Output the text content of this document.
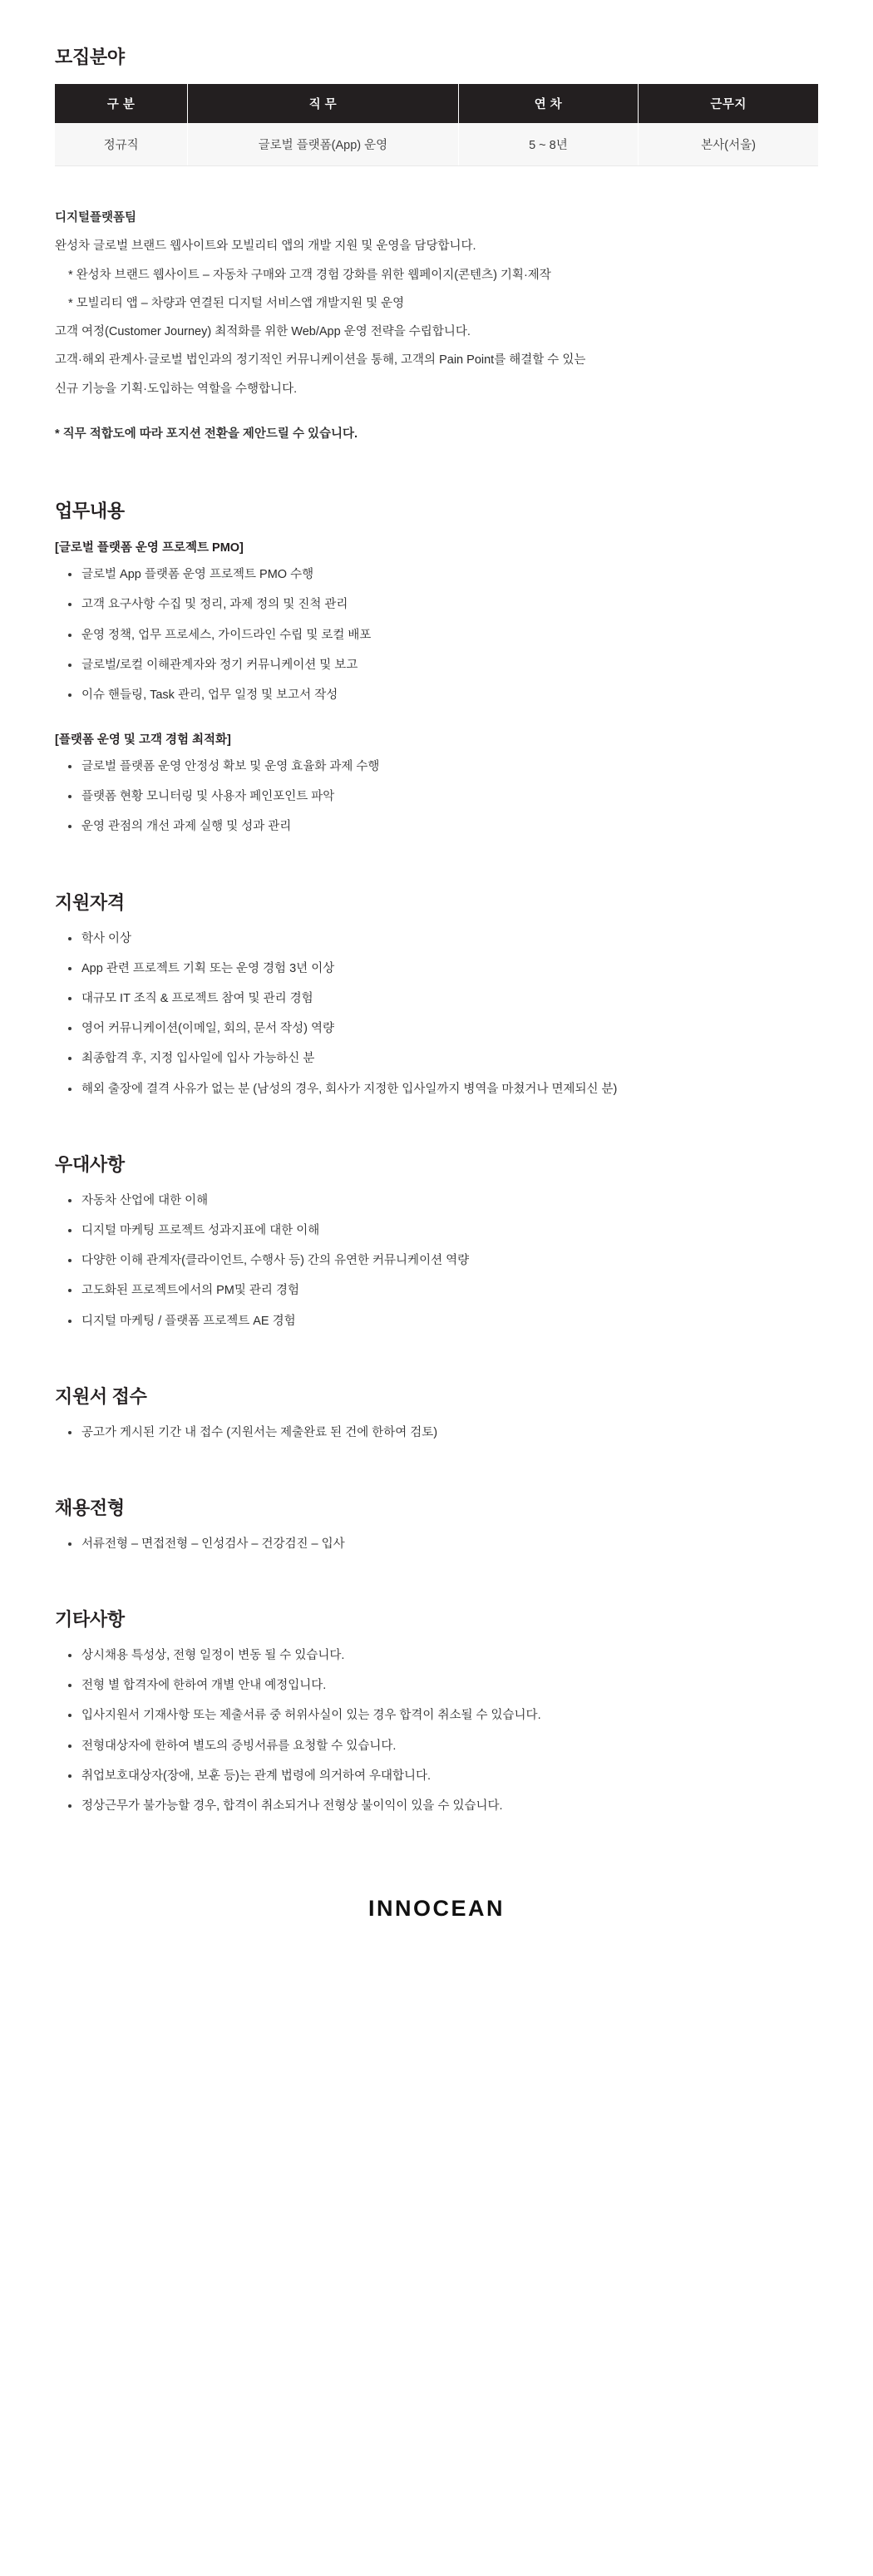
모집분야
구 분	직 무	연 차	근무지
정규직	글로벌 플랫폼(App) 운영	5 ~ 8년	본사(서울)

디지털플랫폼팀

완성차 글로벌 브랜드 웹사이트와 모빌리티 앱의 개발 지원 및 운영을 담당합니다.

* 완성차 브랜드 웹사이트 – 자동차 구매와 고객 경험 강화를 위한 웹페이지(콘텐츠) 기획·제작

* 모빌리티 앱 – 차량과 연결된 디지털 서비스앱 개발지원 및 운영

고객 여정(Customer Journey) 최적화를 위한 Web/App 운영 전략을 수립합니다.

고객·해외 관계사·글로벌 법인과의 정기적인 커뮤니케이션을 통해, 고객의 Pain Point를 해결할 수 있는

신규 기능을 기획·도입하는 역할을 수행합니다.

* 직무 적합도에 따라 포지션 전환을 제안드릴 수 있습니다.

업무내용

[글로벌 플랫폼 운영 프로젝트 PMO]

글로벌 App 플랫폼 운영 프로젝트 PMO 수행
고객 요구사항 수집 및 정리, 과제 정의 및 진척 관리
운영 정책, 업무 프로세스, 가이드라인 수립 및 로컬 배포
글로벌/로컬 이해관계자와 정기 커뮤니케이션 및 보고
이슈 핸들링, Task 관리, 업무 일정 및 보고서 작성

[플랫폼 운영 및 고객 경험 최적화]

글로벌 플랫폼 운영 안정성 확보 및 운영 효율화 과제 수행
플랫폼 현황 모니터링 및 사용자 페인포인트 파악
운영 관점의 개선 과제 실행 및 성과 관리
지원자격
학사 이상
App 관련 프로젝트 기획 또는 운영 경험 3년 이상
대규모 IT 조직 & 프로젝트 참여 및 관리 경험
영어 커뮤니케이션(이메일, 회의, 문서 작성) 역량
최종합격 후, 지정 입사일에 입사 가능하신 분
해외 출장에 결격 사유가 없는 분 (남성의 경우, 회사가 지정한 입사일까지 병역을 마쳤거나 면제되신 분)
우대사항
자동차 산업에 대한 이해
디지털 마케팅 프로젝트 성과지표에 대한 이해
다양한 이해 관계자(클라이언트, 수행사 등) 간의 유연한 커뮤니케이션 역량
고도화된 프로젝트에서의 PM및 관리 경험
디지털 마케팅 / 플랫폼 프로젝트 AE 경험
지원서 접수
공고가 게시된 기간 내 접수 (지원서는 제출완료 된 건에 한하여 검토)
채용전형
서류전형 – 면접전형 – 인성검사 – 건강검진 – 입사
기타사항
상시채용 특성상, 전형 일정이 변동 될 수 있습니다.
전형 별 합격자에 한하여 개별 안내 예정입니다.
입사지원서 기재사항 또는 제출서류 중 허위사실이 있는 경우 합격이 취소될 수 있습니다.
전형대상자에 한하여 별도의 증빙서류를 요청할 수 있습니다.
취업보호대상자(장애, 보훈 등)는 관계 법령에 의거하여 우대합니다.
정상근무가 불가능할 경우, 합격이 취소되거나 전형상 불이익이 있을 수 있습니다.
INNOCEAN
